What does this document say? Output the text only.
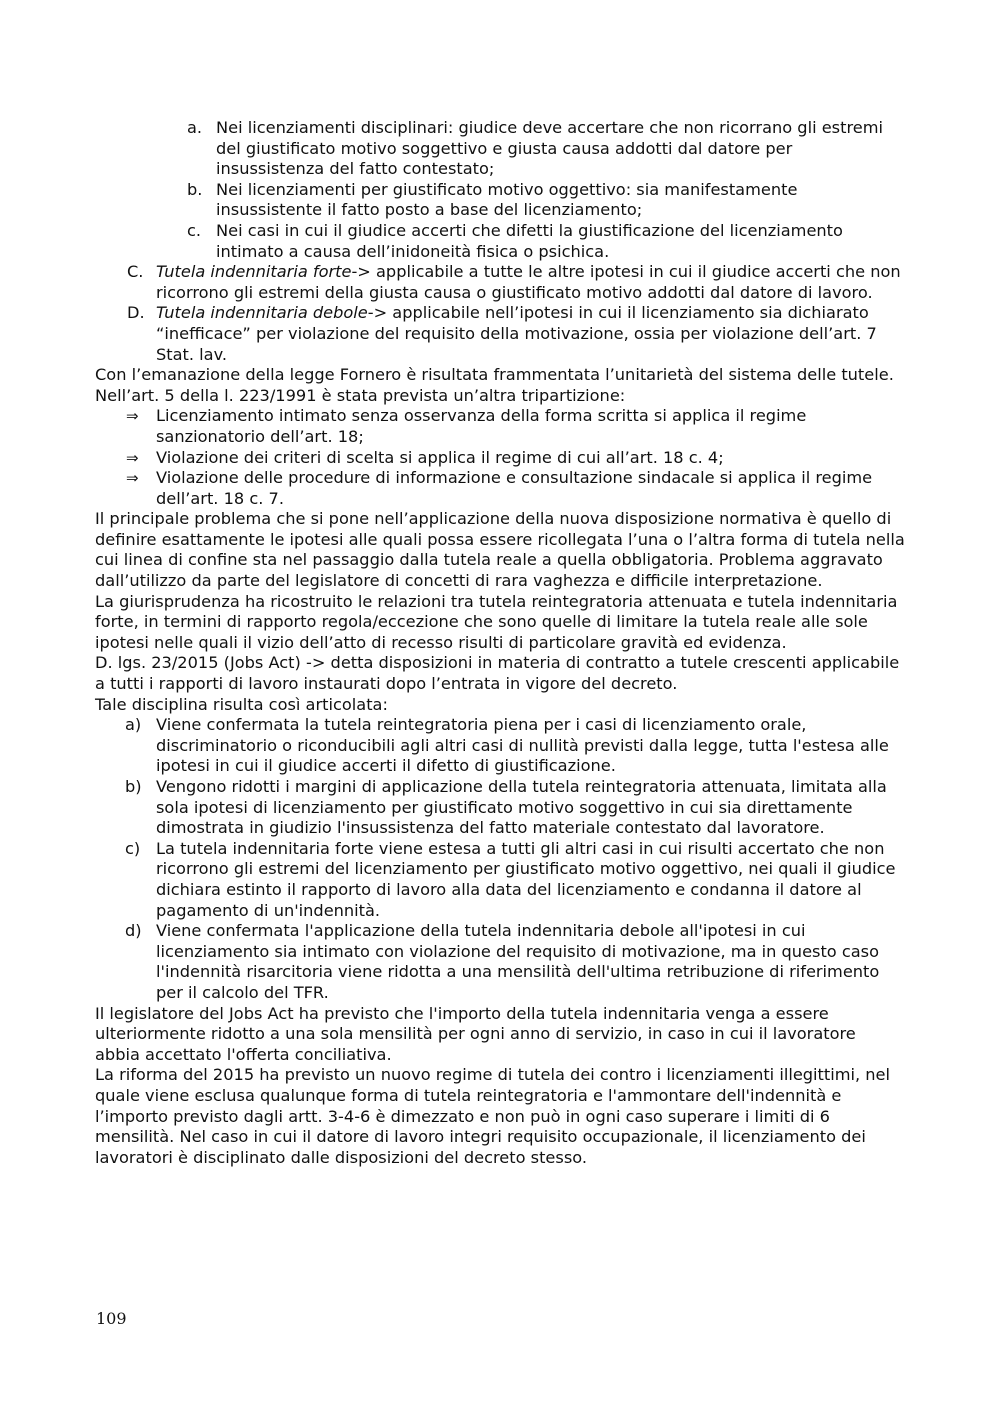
a. Nei licenziamenti disciplinari: giudice deve accertare che non ricorrano gli estremi del giustificato motivo soggettivo e giusta causa addotti dal datore per insussistenza del fatto contestato;
b. Nei licenziamenti per giustificato motivo oggettivo: sia manifestamente insussistente il fatto posto a base del licenziamento;
c. Nei casi in cui il giudice accerti che difetti la giustificazione del licenziamento intimato a causa dell’inidoneità fisica o psichica.
C. Tutela indennitaria forte-> applicabile a tutte le altre ipotesi in cui il giudice accerti che non ricorrono gli estremi della giusta causa o giustificato motivo addotti dal datore di lavoro.
D. Tutela indennitaria debole-> applicabile nell’ipotesi in cui il licenziamento sia dichiarato “inefficace” per violazione del requisito della motivazione, ossia per violazione dell’art. 7 Stat. lav.

Con l’emanazione della legge Fornero è risultata frammentata l’unitarietà del sistema delle tutele. Nell’art. 5 della l. 223/1991 è stata prevista un’altra tripartizione:

⇒ Licenziamento intimato senza osservanza della forma scritta si applica il regime sanzionatorio dell’art. 18;
⇒ Violazione dei criteri di scelta si applica il regime di cui all’art. 18 c. 4;
⇒ Violazione delle procedure di informazione e consultazione sindacale si applica il regime dell’art. 18 c. 7.

Il principale problema che si pone nell’applicazione della nuova disposizione normativa è quello di definire esattamente le ipotesi alle quali possa essere ricollegata l’una o l’altra forma di tutela nella cui linea di confine sta nel passaggio dalla tutela reale a quella obbligatoria. Problema aggravato dall’utilizzo da parte del legislatore di concetti di rara vaghezza e difficile interpretazione.

La giurisprudenza ha ricostruito le relazioni tra tutela reintegratoria attenuata e tutela indennitaria forte, in termini di rapporto regola/eccezione che sono quelle di limitare la tutela reale alle sole ipotesi nelle quali il vizio dell’atto di recesso risulti di particolare gravità ed evidenza.

D. lgs. 23/2015 (Jobs Act) -> detta disposizioni in materia di contratto a tutele crescenti applicabile a tutti i rapporti di lavoro instaurati dopo l’entrata in vigore del decreto.

Tale disciplina risulta così articolata:

a) Viene confermata la tutela reintegratoria piena per i casi di licenziamento orale, discriminatorio o riconducibili agli altri casi di nullità previsti dalla legge, tutta l'estesa alle ipotesi in cui il giudice accerti il difetto di giustificazione.
b) Vengono ridotti i margini di applicazione della tutela reintegratoria attenuata, limitata alla sola ipotesi di licenziamento per giustificato motivo soggettivo in cui sia direttamente dimostrata in giudizio l'insussistenza del fatto materiale contestato dal lavoratore.
c) La tutela indennitaria forte viene estesa a tutti gli altri casi in cui risulti accertato che non ricorrono gli estremi del licenziamento per giustificato motivo oggettivo, nei quali il giudice dichiara estinto il rapporto di lavoro alla data del licenziamento e condanna il datore al pagamento di un'indennità.
d) Viene confermata l'applicazione della tutela indennitaria debole all'ipotesi in cui licenziamento sia intimato con violazione del requisito di motivazione, ma in questo caso l'indennità risarcitoria viene ridotta a una mensilità dell'ultima retribuzione di riferimento per il calcolo del TFR.

Il legislatore del Jobs Act ha previsto che l'importo della tutela indennitaria venga a essere ulteriormente ridotto a una sola mensilità per ogni anno di servizio, in caso in cui il lavoratore abbia accettato l'offerta conciliativa.

La riforma del 2015 ha previsto un nuovo regime di tutela dei contro i licenziamenti illegittimi, nel quale viene esclusa qualunque forma di tutela reintegratoria e l'ammontare dell'indennità e l’importo previsto dagli artt. 3-4-6 è dimezzato e non può in ogni caso superare i limiti di 6 mensilità. Nel caso in cui il datore di lavoro integri requisito occupazionale, il licenziamento dei lavoratori è disciplinato dalle disposizioni del decreto stesso.

109
